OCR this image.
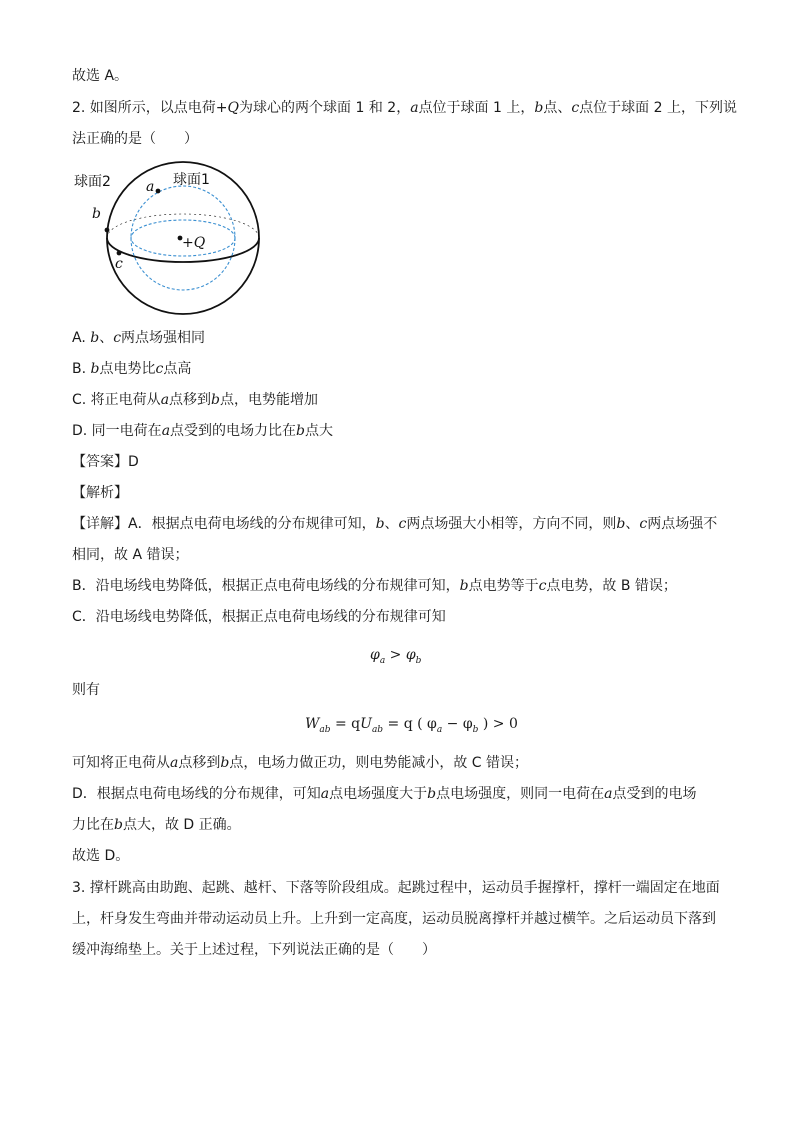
故选 A。
2. 如图所示，以点电荷+Q为球心的两个球面 1 和 2，a点位于球面 1 上，b点、c点位于球面 2 上，下列说
法正确的是（　　）
球面2	球面1
a
b
c
+Q
A. b、c两点场强相同
B. b点电势比c点高
C. 将正电荷从a点移到b点，电势能增加
D. 同一电荷在a点受到的电场力比在b点大
【答案】D
【解析】
【详解】A．根据点电荷电场线的分布规律可知，b、c两点场强大小相等，方向不同，则b、c两点场强不
相同，故 A 错误；
B．沿电场线电势降低，根据正点电荷电场线的分布规律可知，b点电势等于c点电势，故 B 错误；
C．沿电场线电势降低，根据正点电荷电场线的分布规律可知
$\varphi_a > \varphi_b$
则有
$W_{ab} = qU_{ab} = q$ ( $\varphi_a - \varphi_b$ ) > 0
可知将正电荷从a点移到b点，电场力做正功，则电势能减小，故 C 错误；
D．根据点电荷电场线的分布规律，可知a点电场强度大于b点电场强度，则同一电荷在a点受到的电场
力比在b点大，故 D 正确。
故选 D。
3. 撑杆跳高由助跑、起跳、越杆、下落等阶段组成。起跳过程中，运动员手握撑杆，撑杆一端固定在地面
上，杆身发生弯曲并带动运动员上升。上升到一定高度，运动员脱离撑杆并越过横竿。之后运动员下落到
缓冲海绵垫上。关于上述过程，下列说法正确的是（　　）
